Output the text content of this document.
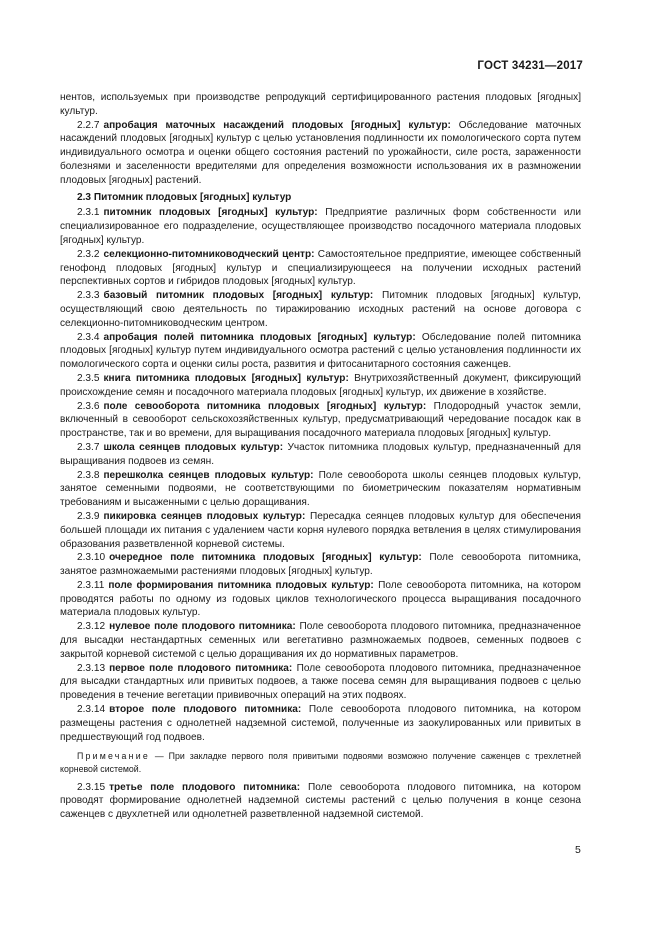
ГОСТ 34231—2017

нентов, используемых при производстве репродукций сертифицированного растения плодовых [ягодных] культур.

2.2.7 апробация маточных насаждений плодовых [ягодных] культур: Обследование маточных насаждений плодовых [ягодных] культур с целью установления подлинности их помологического сорта путем индивидуального осмотра и оценки общего состояния растений по урожайности, силе роста, зараженности болезнями и заселенности вредителями для определения возможности использования их в размножении плодовых [ягодных] растений.

2.3 Питомник плодовых [ягодных] культур

2.3.1 питомник плодовых [ягодных] культур: Предприятие различных форм собственности или специализированное его подразделение, осуществляющее производство посадочного материала плодовых [ягодных] культур.

2.3.2 селекционно-питомниководческий центр: Самостоятельное предприятие, имеющее собственный генофонд плодовых [ягодных] культур и специализирующееся на получении исходных растений перспективных сортов и гибридов плодовых [ягодных] культур.

2.3.3 базовый питомник плодовых [ягодных] культур: Питомник плодовых [ягодных] культур, осуществляющий свою деятельность по тиражированию исходных растений на основе договора с селекционно-питомниководческим центром.

2.3.4 апробация полей питомника плодовых [ягодных] культур: Обследование полей питомника плодовых [ягодных] культур путем индивидуального осмотра растений с целью установления подлинности их помологического сорта и оценки силы роста, развития и фитосанитарного состояния саженцев.

2.3.5 книга питомника плодовых [ягодных] культур: Внутрихозяйственный документ, фиксирующий происхождение семян и посадочного материала плодовых [ягодных] культур, их движение в хозяйстве.

2.3.6 поле севооборота питомника плодовых [ягодных] культур: Плодородный участок земли, включенный в севооборот сельскохозяйственных культур, предусматривающий чередование посадок как в пространстве, так и во времени, для выращивания посадочного материала плодовых [ягодных] культур.

2.3.7 школа сеянцев плодовых культур: Участок питомника плодовых культур, предназначенный для выращивания подвоев из семян.

2.3.8 перешколка сеянцев плодовых культур: Поле севооборота школы сеянцев плодовых культур, занятое семенными подвоями, не соответствующими по биометрическим показателям нормативным требованиям и высаженными с целью доращивания.

2.3.9 пикировка сеянцев плодовых культур: Пересадка сеянцев плодовых культур для обеспечения большей площади их питания с удалением части корня нулевого порядка ветвления в целях стимулирования образования разветвленной корневой системы.

2.3.10 очередное поле питомника плодовых [ягодных] культур: Поле севооборота питомника, занятое размножаемыми растениями плодовых [ягодных] культур.

2.3.11 поле формирования питомника плодовых культур: Поле севооборота питомника, на котором проводятся работы по одному из годовых циклов технологического процесса выращивания посадочного материала плодовых культур.

2.3.12 нулевое поле плодового питомника: Поле севооборота плодового питомника, предназначенное для высадки нестандартных семенных или вегетативно размножаемых подвоев, семенных подвоев с закрытой корневой системой с целью доращивания их до нормативных параметров.

2.3.13 первое поле плодового питомника: Поле севооборота плодового питомника, предназначенное для высадки стандартных или привитых подвоев, а также посева семян для выращивания подвоев с целью проведения в течение вегетации прививочных операций на этих подвоях.

2.3.14 второе поле плодового питомника: Поле севооборота плодового питомника, на котором размещены растения с однолетней надземной системой, полученные из заокулированных или привитых в предшествующий год подвоев.

Примечание — При закладке первого поля привитыми подвоями возможно получение саженцев с трехлетней корневой системой.

2.3.15 третье поле плодового питомника: Поле севооборота плодового питомника, на котором проводят формирование однолетней надземной системы растений с целью получения в конце сезона саженцев с двухлетней или однолетней разветвленной надземной системой.

5
